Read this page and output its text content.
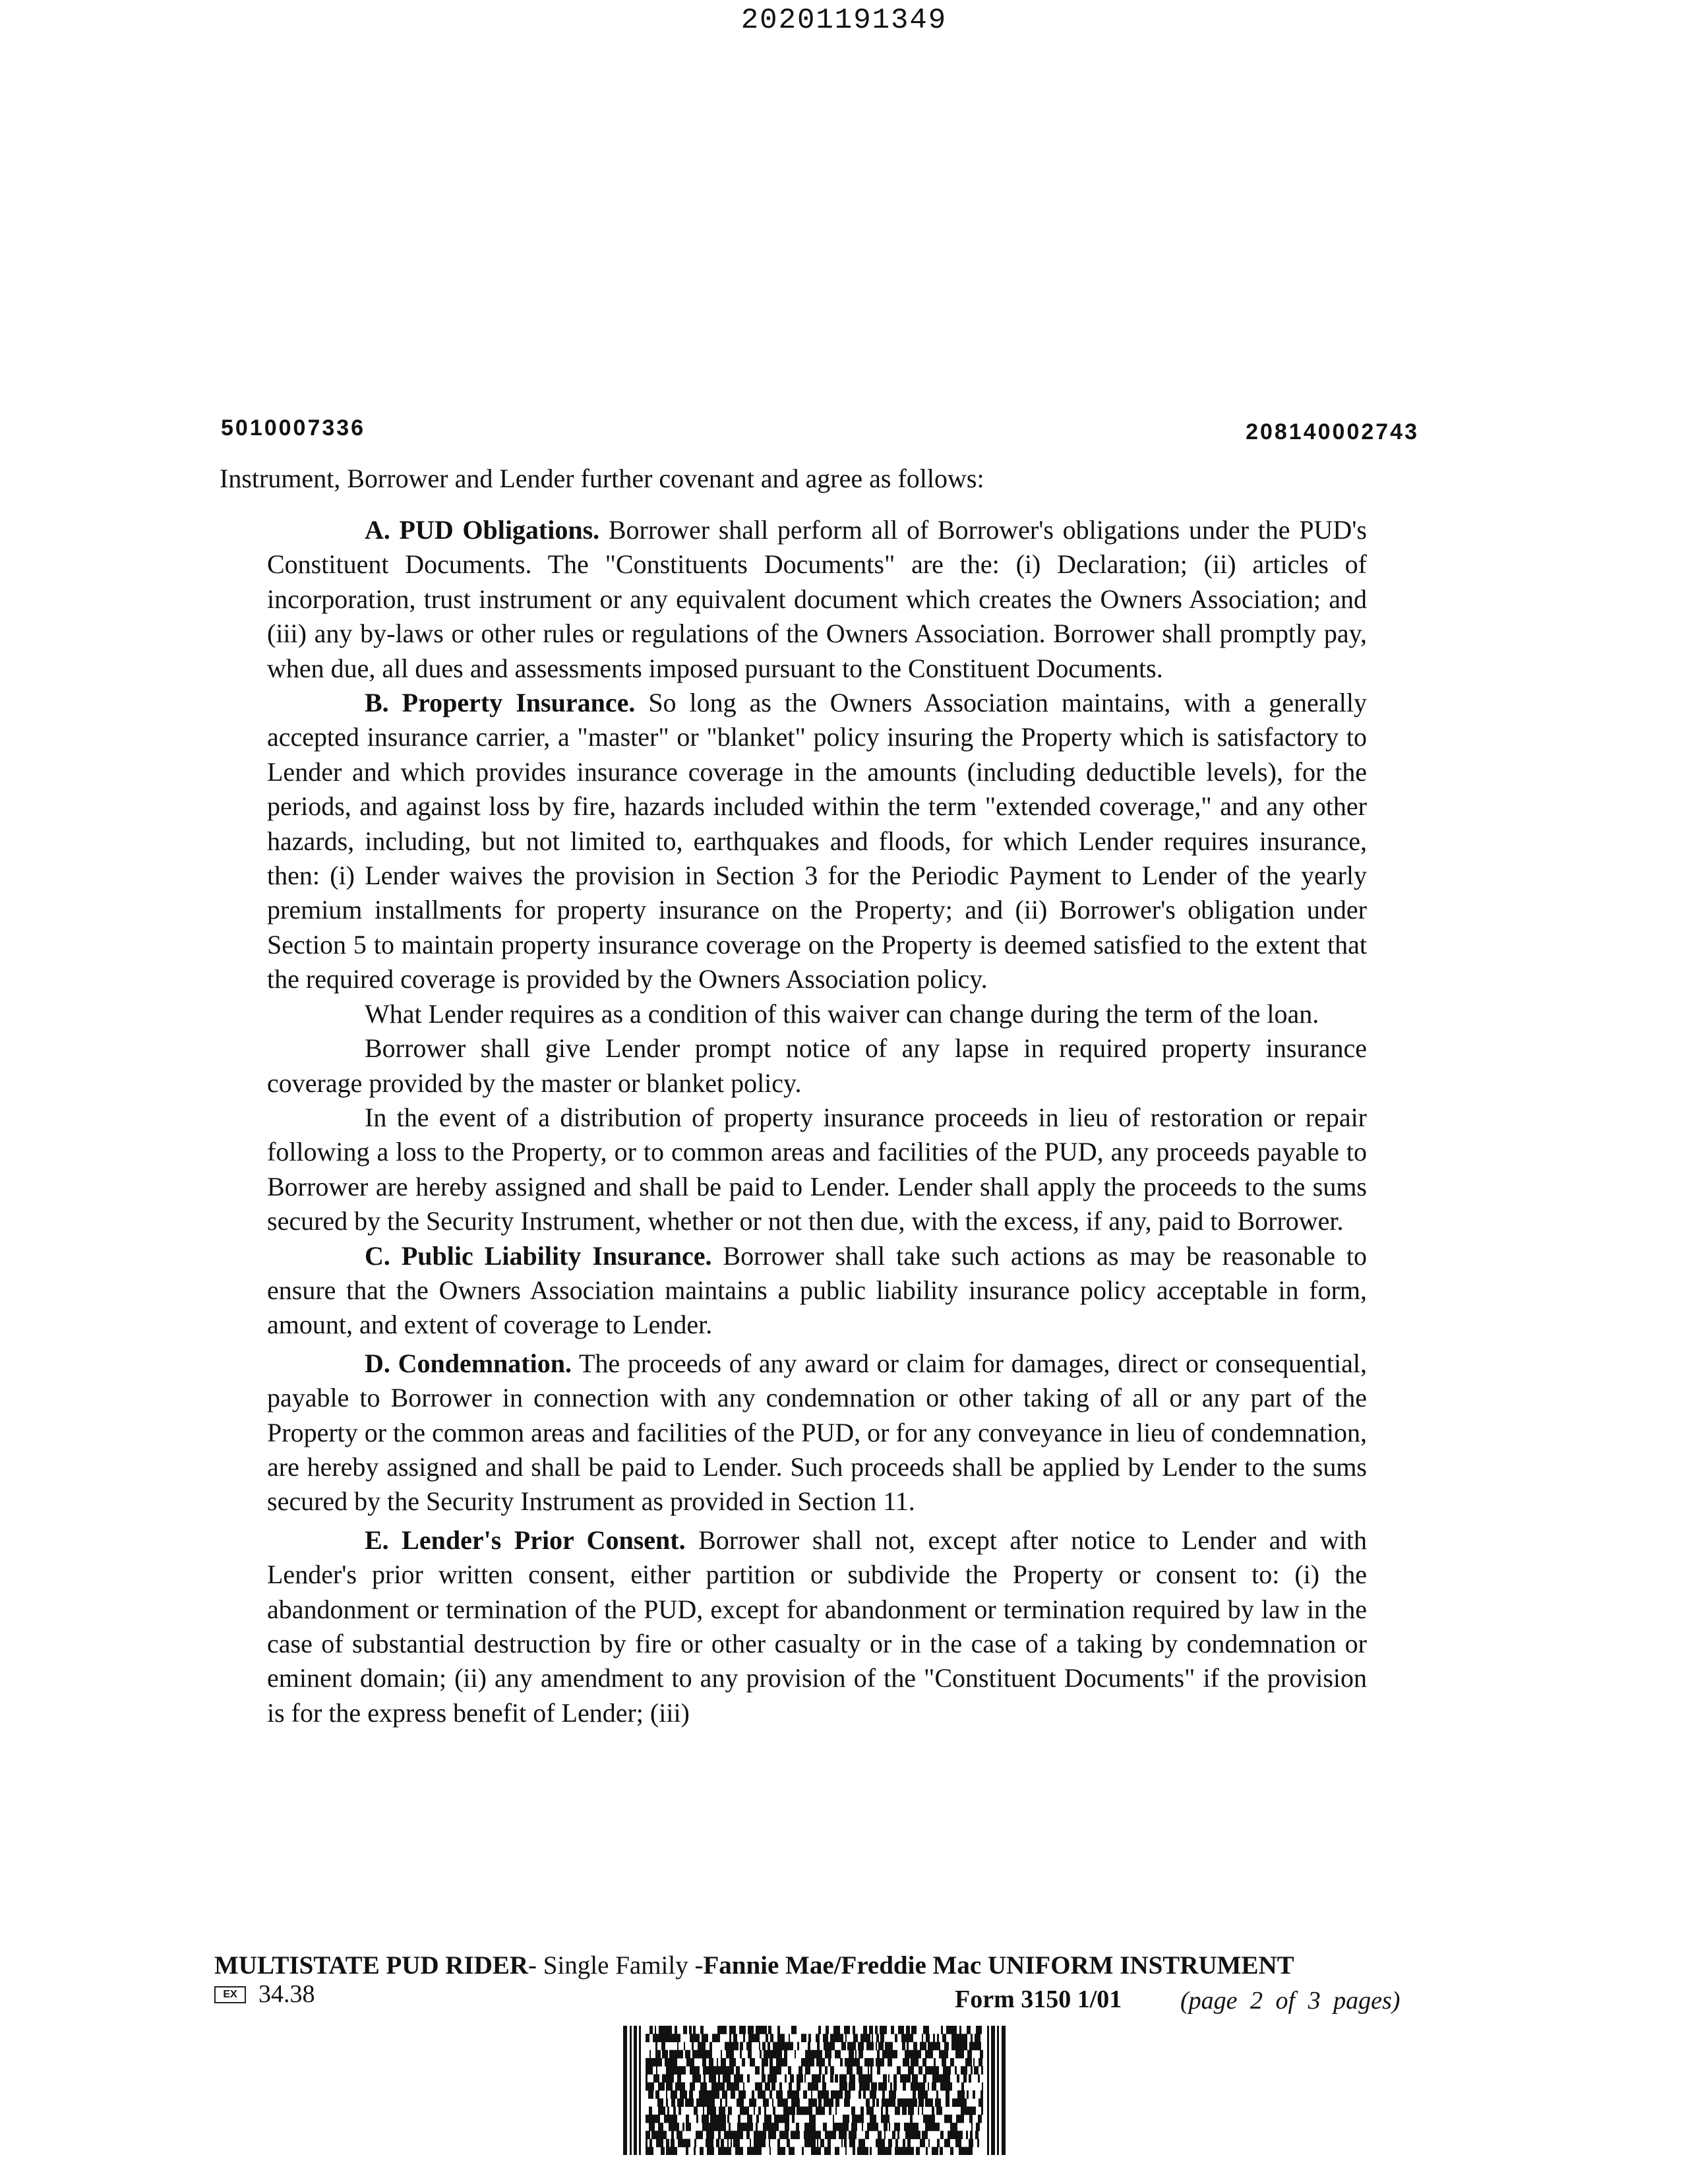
20201191349
5010007336	208140002743
Instrument, Borrower and Lender further covenant and agree as follows:

A. PUD Obligations. Borrower shall perform all of Borrower's obligations under the PUD's Constituent Documents. The "Constituents Documents" are the: (i) Declaration; (ii) articles of incorporation, trust instrument or any equivalent document which creates the Owners Association; and (iii) any by-laws or other rules or regulations of the Owners Association. Borrower shall promptly pay, when due, all dues and assessments imposed pursuant to the Constituent Documents.

B. Property Insurance. So long as the Owners Association maintains, with a generally accepted insurance carrier, a "master" or "blanket" policy insuring the Property which is satisfactory to Lender and which provides insurance coverage in the amounts (including deductible levels), for the periods, and against loss by fire, hazards included within the term "extended coverage," and any other hazards, including, but not limited to, earthquakes and floods, for which Lender requires insurance, then: (i) Lender waives the provision in Section 3 for the Periodic Payment to Lender of the yearly premium installments for property insurance on the Property; and (ii) Borrower's obligation under Section 5 to maintain property insurance coverage on the Property is deemed satisfied to the extent that the required coverage is provided by the Owners Association policy.

What Lender requires as a condition of this waiver can change during the term of the loan.

Borrower shall give Lender prompt notice of any lapse in required property insurance coverage provided by the master or blanket policy.

In the event of a distribution of property insurance proceeds in lieu of restoration or repair following a loss to the Property, or to common areas and facilities of the PUD, any proceeds payable to Borrower are hereby assigned and shall be paid to Lender. Lender shall apply the proceeds to the sums secured by the Security Instrument, whether or not then due, with the excess, if any, paid to Borrower.

C. Public Liability Insurance. Borrower shall take such actions as may be reasonable to ensure that the Owners Association maintains a public liability insurance policy acceptable in form, amount, and extent of coverage to Lender.

D. Condemnation. The proceeds of any award or claim for damages, direct or consequential, payable to Borrower in connection with any condemnation or other taking of all or any part of the Property or the common areas and facilities of the PUD, or for any conveyance in lieu of condemnation, are hereby assigned and shall be paid to Lender. Such proceeds shall be applied by Lender to the sums secured by the Security Instrument as provided in Section 11.

E. Lender's Prior Consent. Borrower shall not, except after notice to Lender and with Lender's prior written consent, either partition or subdivide the Property or consent to: (i) the abandonment or termination of the PUD, except for abandonment or termination required by law in the case of substantial destruction by fire or other casualty or in the case of a taking by condemnation or eminent domain; (ii) any amendment to any provision of the "Constituent Documents" if the provision is for the express benefit of Lender; (iii)

MULTISTATE PUD RIDER- Single Family -Fannie Mae/Freddie Mac UNIFORM INSTRUMENT
EX 34.38	Form 3150 1/01 (page 2 of 3 pages)
